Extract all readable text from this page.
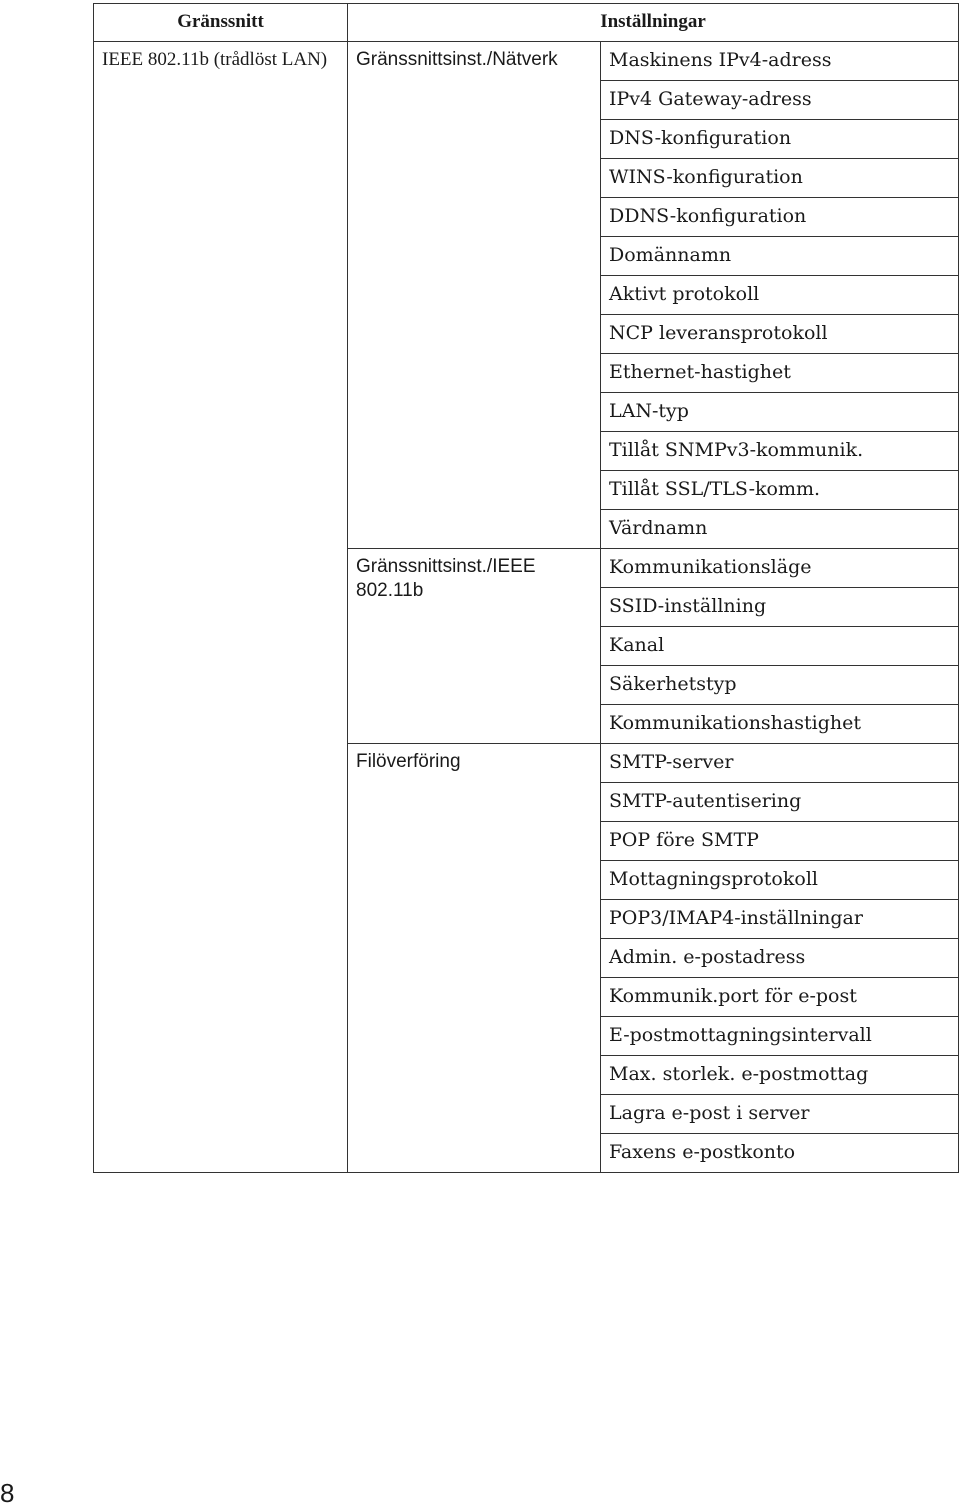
Gränssnitt	Inställningar	
IEEE 802.11b (trådlöst LAN)	Gränssnittsinst./Nätverk	Maskinens IPv4-adress
		IPv4 Gateway-adress
		DNS-konfiguration
		WINS-konfiguration
		DDNS-konfiguration
		Domännamn
		Aktivt protokoll
		NCP leveransprotokoll
		Ethernet-hastighet
		LAN-typ
		Tillåt SNMPv3-kommunik.
		Tillåt SSL/TLS-komm.
		Värdnamn
	Gränssnittsinst./IEEE 802.11b	Kommunikationsläge
		SSID-inställning
		Kanal
		Säkerhetstyp
		Kommunikationshastighet
	Filöverföring	SMTP-server
		SMTP-autentisering
		POP före SMTP
		Mottagningsprotokoll
		POP3/IMAP4-inställningar
		Admin. e-postadress
		Kommunik.port för e-post
		E-postmottagningsintervall
		Max. storlek. e-postmottag
		Lagra e-post i server
		Faxens e-postkonto
8
